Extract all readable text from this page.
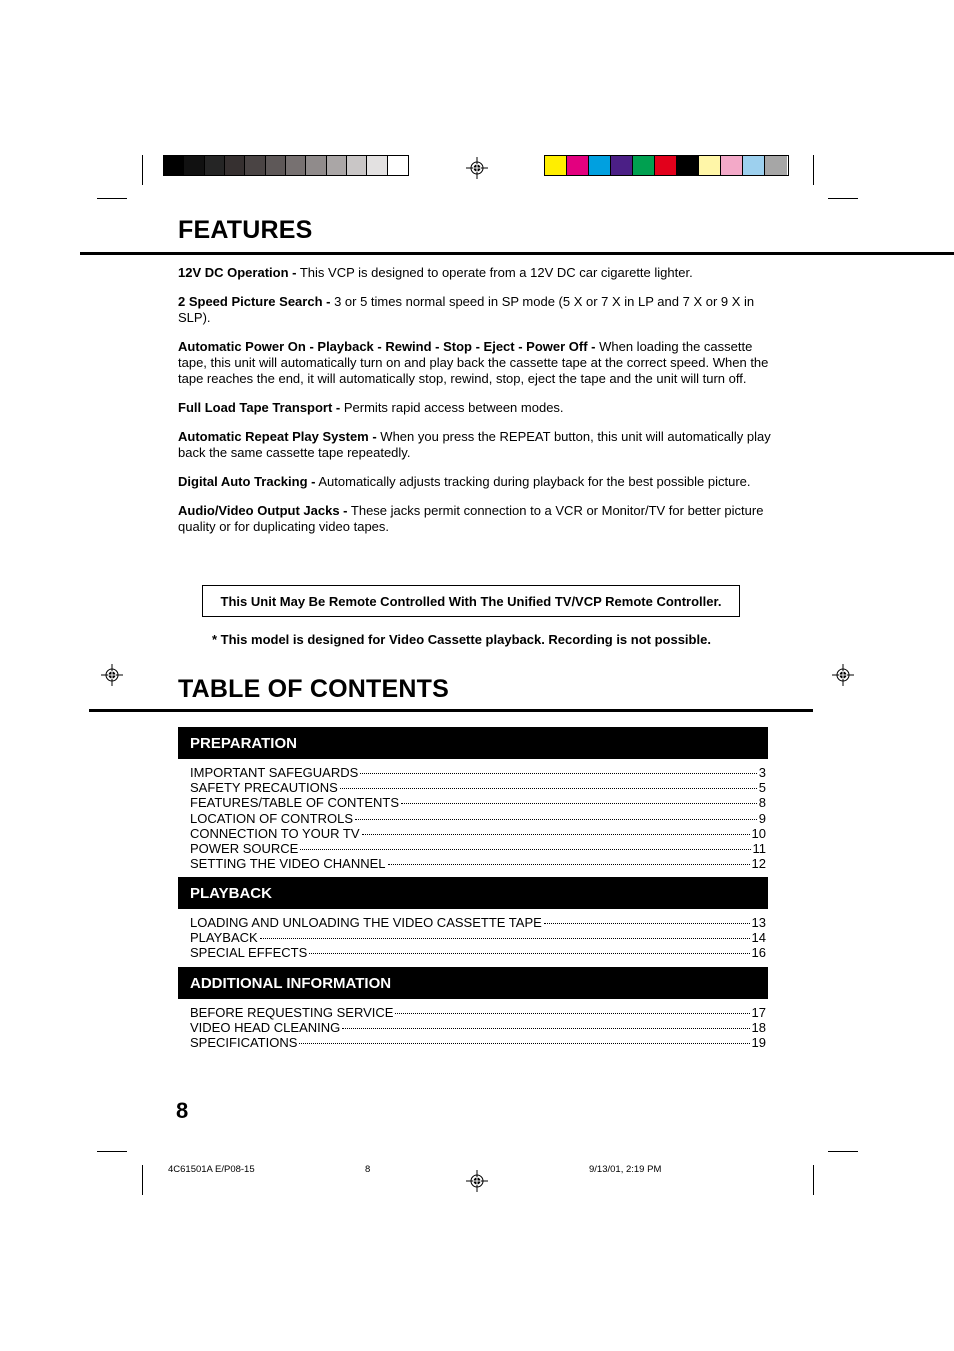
FEATURES

12V DC Operation - This VCP is designed to operate from a 12V DC car cigarette lighter.

2 Speed Picture Search - 3 or 5 times normal speed in SP mode (5 X or 7 X in LP and 7 X or 9 X in SLP).

Automatic Power On - Playback - Rewind - Stop - Eject - Power Off - When loading the cassette tape, this unit will automatically turn on and play back the cassette tape at the correct speed. When the tape reaches the end, it will automatically stop, rewind, stop, eject the tape and the unit will turn off.

Full Load Tape Transport - Permits rapid access between modes.

Automatic Repeat Play System - When you press the REPEAT button, this unit will automatically play back the same cassette tape repeatedly.

Digital Auto Tracking - Automatically adjusts tracking during playback for the best possible picture.

Audio/Video Output Jacks - These jacks permit connection to a VCR or Monitor/TV for better picture quality or for duplicating video tapes.

This Unit May Be Remote Controlled With The Unified TV/VCP Remote Controller.
* This model is designed for Video Cassette playback. Recording is not possible.
TABLE OF CONTENTS
PREPARATION
IMPORTANT SAFEGUARDS	3
SAFETY PRECAUTIONS	5
FEATURES/TABLE OF CONTENTS	8
LOCATION OF CONTROLS	9
CONNECTION TO YOUR TV	10
POWER SOURCE	11
SETTING THE VIDEO CHANNEL	12
PLAYBACK
LOADING AND UNLOADING THE VIDEO CASSETTE TAPE	13
PLAYBACK	14
SPECIAL EFFECTS	16
ADDITIONAL INFORMATION
BEFORE REQUESTING SERVICE	17
VIDEO HEAD CLEANING	18
SPECIFICATIONS	19
8
4C61501A E/P08-15	8	9/13/01, 2:19 PM
